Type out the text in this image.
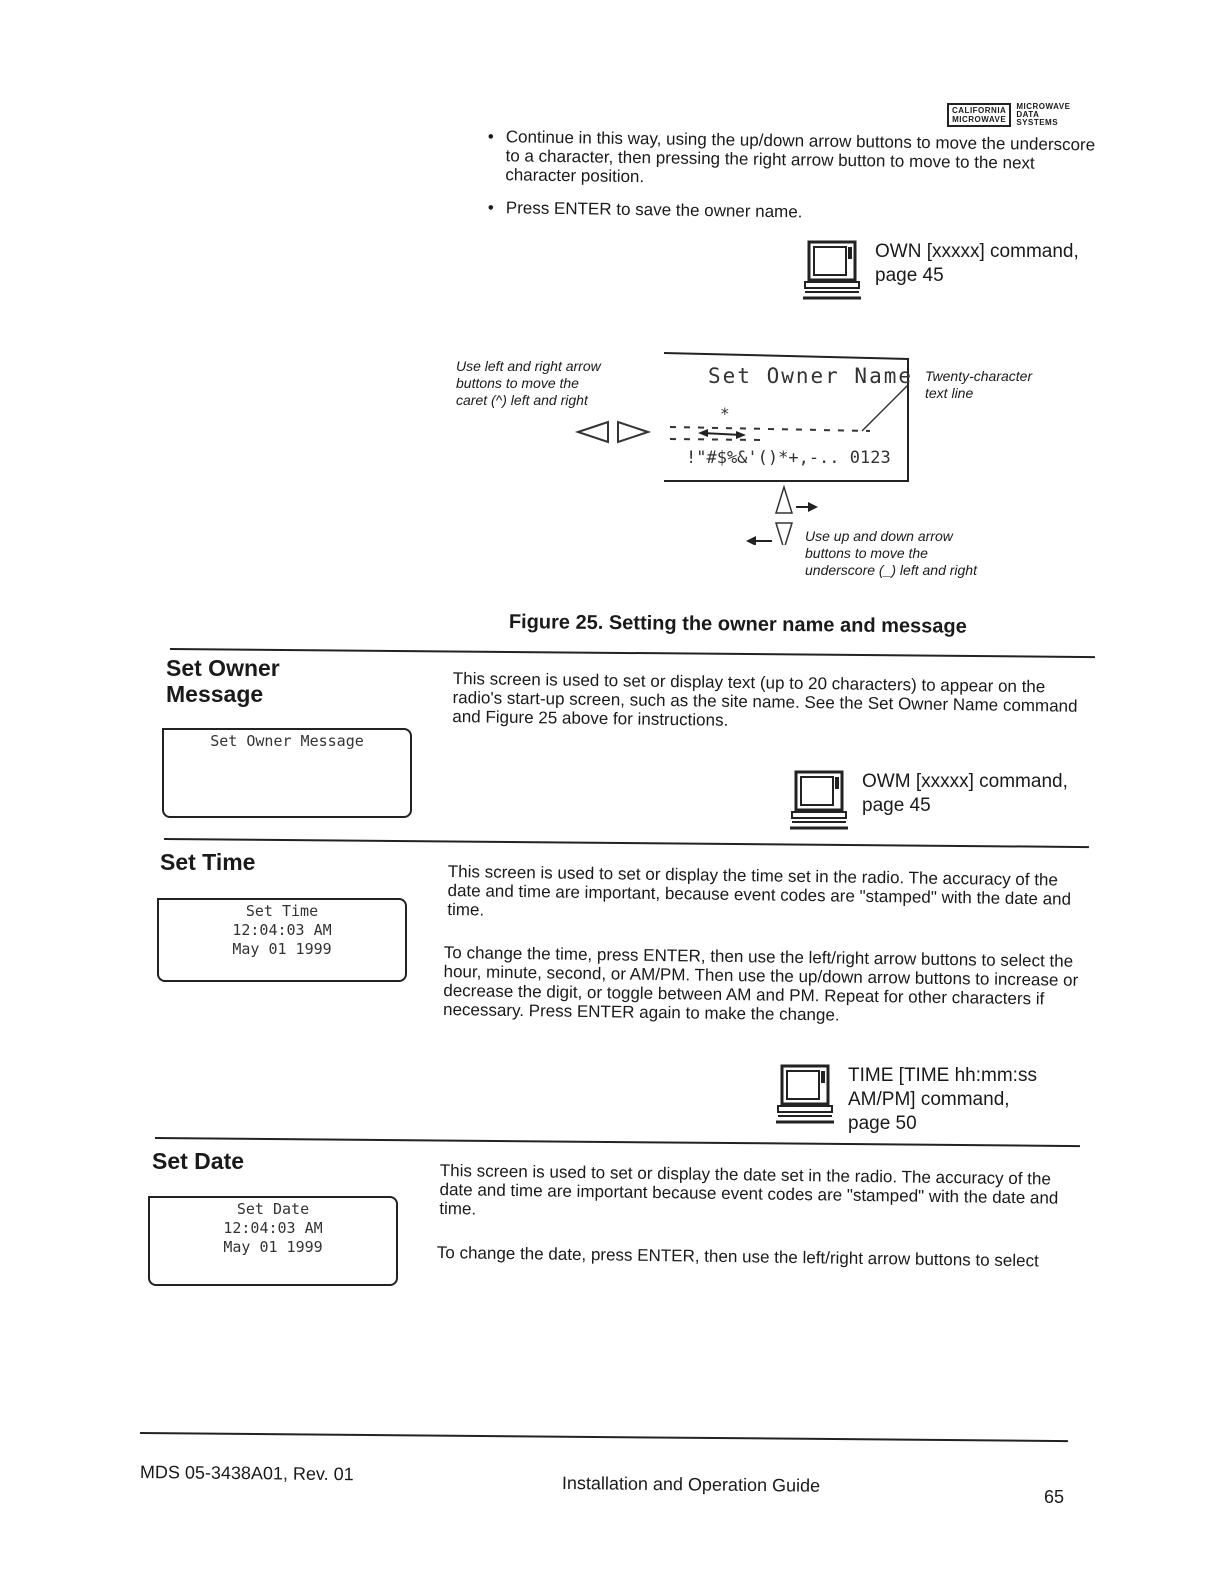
CALIFORNIA
MICROWAVE
MICROWAVE
DATA
SYSTEMS
• Continue in this way, using the up/down arrow buttons to move the underscore to a character, then pressing the right arrow button to move to the next character position.
• Press ENTER to save the owner name.
OWN [xxxxx] command,
page 45
Use left and right arrow buttons to move the caret (^) left and right
Twenty-character text line
Set Owner Name
*
!"#$%&'()*+,-.. 0123
Use up and down arrow buttons to move the underscore (_) left and right
Figure 25. Setting the owner name and message
Set Owner
Message
Set Owner Message
This screen is used to set or display text (up to 20 characters) to appear on the radio's start-up screen, such as the site name. See the Set Owner Name command and Figure 25 above for instructions.
OWM [xxxxx] command,
page 45
Set Time
Set Time
12:04:03 AM
May 01 1999
This screen is used to set or display the time set in the radio. The accuracy of the date and time are important, because event codes are "stamped" with the date and time.
To change the time, press ENTER, then use the left/right arrow buttons to select the hour, minute, second, or AM/PM. Then use the up/down arrow buttons to increase or decrease the digit, or toggle between AM and PM. Repeat for other characters if necessary. Press ENTER again to make the change.
TIME [TIME hh:mm:ss
AM/PM] command,
page 50
Set Date
Set Date
12:04:03 AM
May 01 1999
This screen is used to set or display the date set in the radio. The accuracy of the date and time are important because event codes are "stamped" with the date and time.
To change the date, press ENTER, then use the left/right arrow buttons to select
MDS 05-3438A01, Rev. 01	Installation and Operation Guide
65
